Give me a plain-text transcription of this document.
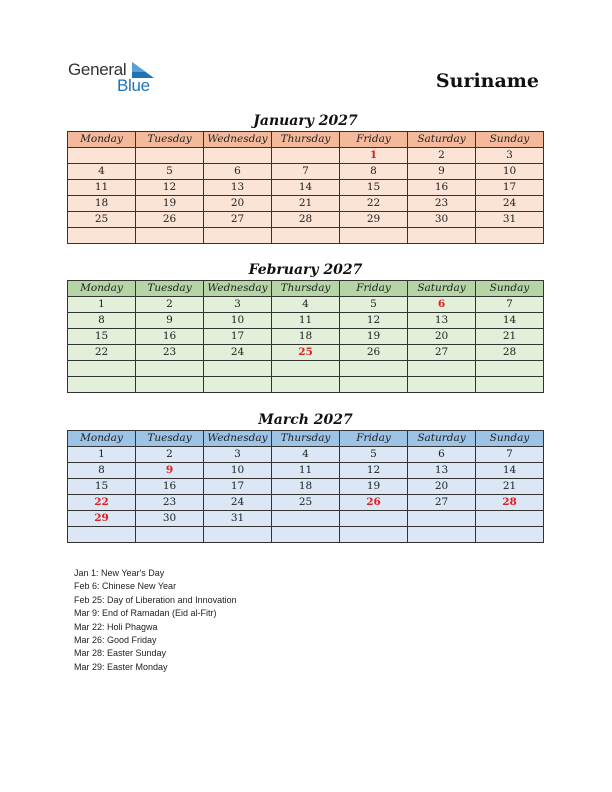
General
Blue	Suriname
January 2027
Monday	Tuesday	Wednesday	Thursday	Friday	Saturday	Sunday
				1	2	3
4	5	6	7	8	9	10
11	12	13	14	15	16	17
18	19	20	21	22	23	24
25	26	27	28	29	30	31

February 2027
Monday	Tuesday	Wednesday	Thursday	Friday	Saturday	Sunday
1	2	3	4	5	6	7
8	9	10	11	12	13	14
15	16	17	18	19	20	21
22	23	24	25	26	27	28

March 2027
Monday	Tuesday	Wednesday	Thursday	Friday	Saturday	Sunday
1	2	3	4	5	6	7
8	9	10	11	12	13	14
15	16	17	18	19	20	21
22	23	24	25	26	27	28
29	30	31				

Jan 1: New Year's Day
Feb 6: Chinese New Year
Feb 25: Day of Liberation and Innovation
Mar 9: End of Ramadan (Eid al-Fitr)
Mar 22: Holi Phagwa
Mar 26: Good Friday
Mar 28: Easter Sunday
Mar 29: Easter Monday
